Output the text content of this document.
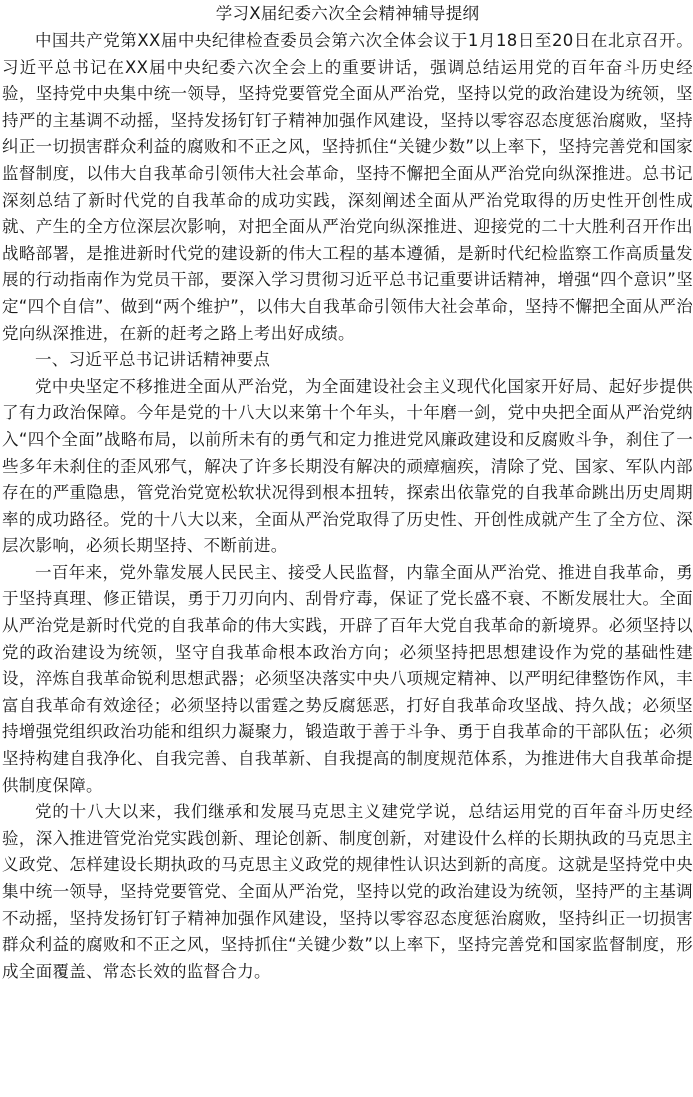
学习X届纪委六次全会精神辅导提纲

中国共产党第XX届中央纪律检查委员会第六次全体会议于1月18日至20日在北京召开。习近平总书记在XX届中央纪委六次全会上的重要讲话，强调总结运用党的百年奋斗历史经验，坚持党中央集中统一领导，坚持党要管党全面从严治党，坚持以党的政治建设为统领，坚持严的主基调不动摇，坚持发扬钉钉子精神加强作风建设，坚持以零容忍态度惩治腐败，坚持纠正一切损害群众利益的腐败和不正之风，坚持抓住“关键少数”以上率下，坚持完善党和国家监督制度，以伟大自我革命引领伟大社会革命，坚持不懈把全面从严治党向纵深推进。总书记深刻总结了新时代党的自我革命的成功实践，深刻阐述全面从严治党取得的历史性开创性成就、产生的全方位深层次影响，对把全面从严治党向纵深推进、迎接党的二十大胜利召开作出战略部署，是推进新时代党的建设新的伟大工程的基本遵循，是新时代纪检监察工作高质量发展的行动指南作为党员干部，要深入学习贯彻习近平总书记重要讲话精神，增强“四个意识”坚定“四个自信”、做到“两个维护”，以伟大自我革命引领伟大社会革命，坚持不懈把全面从严治党向纵深推进，在新的赶考之路上考出好成绩。

一、习近平总书记讲话精神要点

党中央坚定不移推进全面从严治党，为全面建设社会主义现代化国家开好局、起好步提供了有力政治保障。今年是党的十八大以来第十个年头，十年磨一剑，党中央把全面从严治党纳入“四个全面”战略布局，以前所未有的勇气和定力推进党风廉政建设和反腐败斗争，刹住了一些多年未刹住的歪风邪气，解决了许多长期没有解决的顽瘴痼疾，清除了党、国家、军队内部存在的严重隐患，管党治党宽松软状况得到根本扭转，探索出依靠党的自我革命跳出历史周期率的成功路径。党的十八大以来，全面从严治党取得了历史性、开创性成就产生了全方位、深层次影响，必须长期坚持、不断前进。

一百年来，党外靠发展人民民主、接受人民监督，内靠全面从严治党、推进自我革命，勇于坚持真理、修正错误，勇于刀刃向内、刮骨疗毒，保证了党长盛不衰、不断发展壮大。全面从严治党是新时代党的自我革命的伟大实践，开辟了百年大党自我革命的新境界。必须坚持以党的政治建设为统领，坚守自我革命根本政治方向；必须坚持把思想建设作为党的基础性建设，淬炼自我革命锐利思想武器；必须坚决落实中央八项规定精神、以严明纪律整饬作风，丰富自我革命有效途径；必须坚持以雷霆之势反腐惩恶，打好自我革命攻坚战、持久战；必须坚持增强党组织政治功能和组织力凝聚力，锻造敢于善于斗争、勇于自我革命的干部队伍；必须坚持构建自我净化、自我完善、自我革新、自我提高的制度规范体系，为推进伟大自我革命提供制度保障。

党的十八大以来，我们继承和发展马克思主义建党学说，总结运用党的百年奋斗历史经验，深入推进管党治党实践创新、理论创新、制度创新，对建设什么样的长期执政的马克思主义政党、怎样建设长期执政的马克思主义政党的规律性认识达到新的高度。这就是坚持党中央集中统一领导，坚持党要管党、全面从严治党，坚持以党的政治建设为统领，坚持严的主基调不动摇，坚持发扬钉钉子精神加强作风建设，坚持以零容忍态度惩治腐败，坚持纠正一切损害群众利益的腐败和不正之风，坚持抓住“关键少数”以上率下，坚持完善党和国家监督制度，形成全面覆盖、常态长效的监督合力。
